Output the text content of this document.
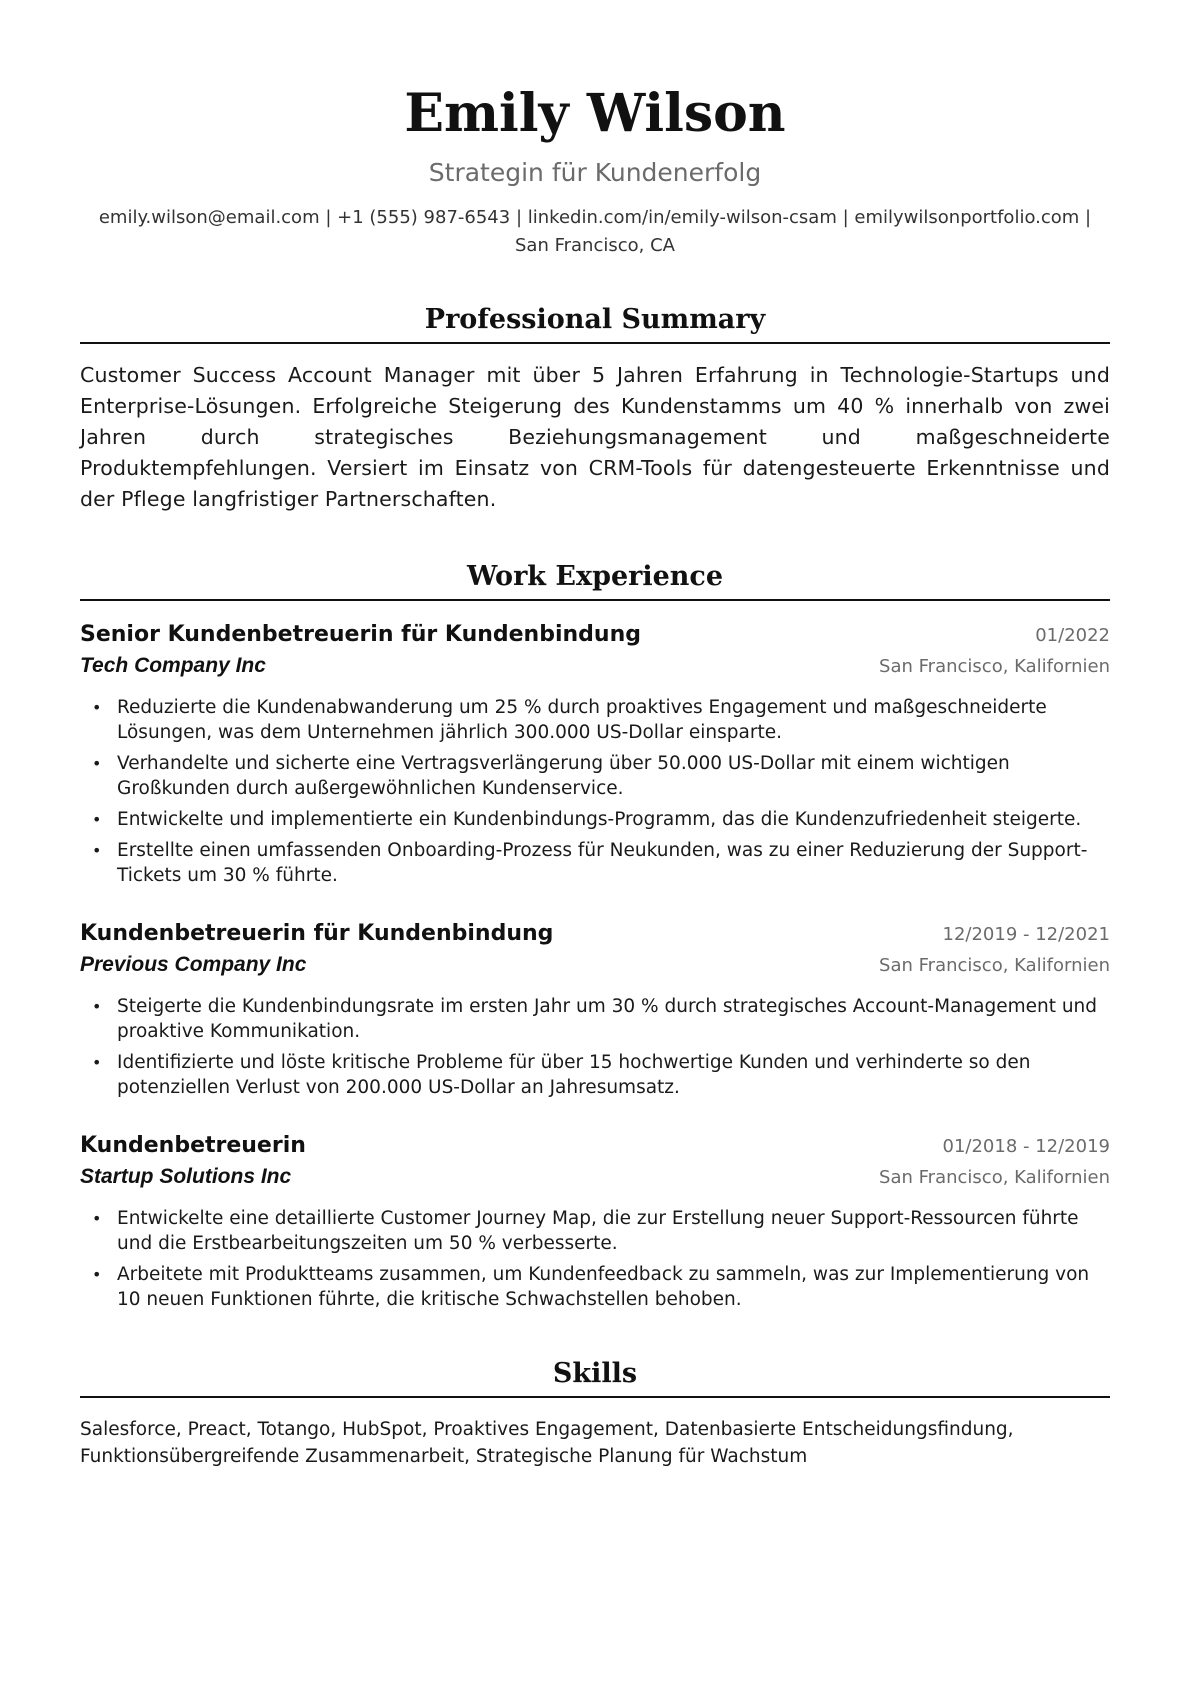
Emily Wilson
Strategin für Kundenerfolg
emily.wilson@email.com | +1 (555) 987-6543 | linkedin.com/in/emily-wilson-csam | emilywilsonportfolio.com |
San Francisco, CA
Professional Summary

Customer Success Account Manager mit über 5 Jahren Erfahrung in Technologie-Startups und Enterprise-Lösungen. Erfolgreiche Steigerung des Kundenstamms um 40 % innerhalb von zwei Jahren durch strategisches Beziehungsmanagement und maßgeschneiderte Produktempfehlungen. Versiert im Einsatz von CRM-Tools für datengesteuerte Erkenntnisse und der Pflege langfristiger Partnerschaften.

Work Experience
Senior Kundenbetreuerin für Kundenbindung	01/2022
Tech Company Inc	San Francisco, Kalifornien
• Reduzierte die Kundenabwanderung um 25 % durch proaktives Engagement und maßgeschneiderte Lösungen, was dem Unternehmen jährlich 300.000 US-Dollar einsparte.
• Verhandelte und sicherte eine Vertragsverlängerung über 50.000 US-Dollar mit einem wichtigen Großkunden durch außergewöhnlichen Kundenservice.
• Entwickelte und implementierte ein Kundenbindungs-Programm, das die Kundenzufriedenheit steigerte.
• Erstellte einen umfassenden Onboarding-Prozess für Neukunden, was zu einer Reduzierung der Support-Tickets um 30 % führte.
Kundenbetreuerin für Kundenbindung	12/2019 - 12/2021
Previous Company Inc	San Francisco, Kalifornien
• Steigerte die Kundenbindungsrate im ersten Jahr um 30 % durch strategisches Account-Management und proaktive Kommunikation.
• Identifizierte und löste kritische Probleme für über 15 hochwertige Kunden und verhinderte so den potenziellen Verlust von 200.000 US-Dollar an Jahresumsatz.
Kundenbetreuerin	01/2018 - 12/2019
Startup Solutions Inc	San Francisco, Kalifornien
• Entwickelte eine detaillierte Customer Journey Map, die zur Erstellung neuer Support-Ressourcen führte und die Erstbearbeitungszeiten um 50 % verbesserte.
• Arbeitete mit Produktteams zusammen, um Kundenfeedback zu sammeln, was zur Implementierung von 10 neuen Funktionen führte, die kritische Schwachstellen behoben.
Skills
Salesforce, Preact, Totango, HubSpot, Proaktives Engagement, Datenbasierte Entscheidungsfindung, Funktionsübergreifende Zusammenarbeit, Strategische Planung für Wachstum
